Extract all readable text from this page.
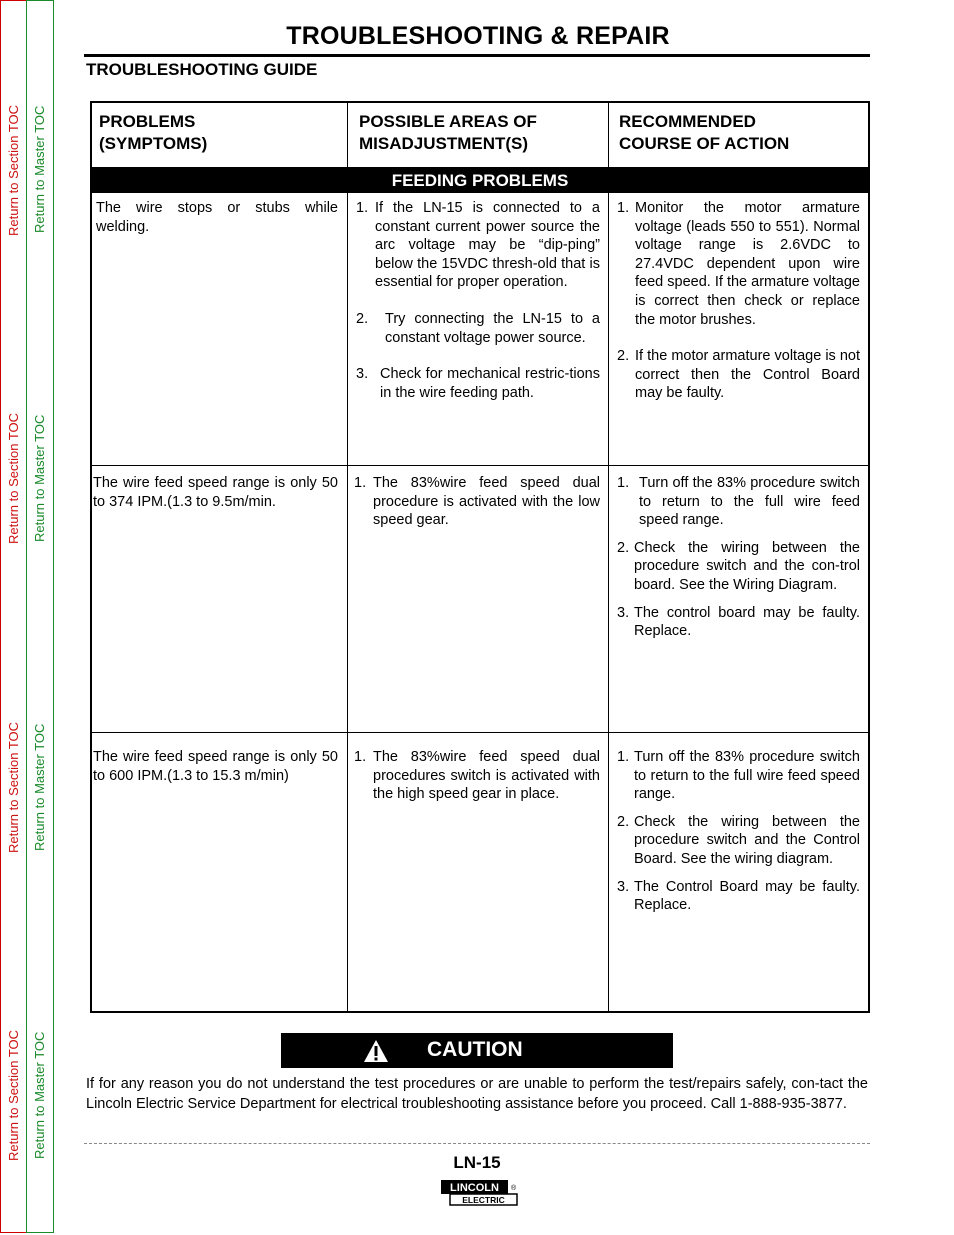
Return to Section TOC Return to Master TOC
Return to Section TOC Return to Master TOC
Return to Section TOC Return to Master TOC
Return to Section TOC Return to Master TOC
TROUBLESHOOTING & REPAIR
TROUBLESHOOTING GUIDE
PROBLEMS
(SYMPTOMS)
POSSIBLE AREAS OF
MISADJUSTMENT(S)
RECOMMENDED
COURSE OF ACTION
FEEDING PROBLEMS

The wire stops or stubs while welding.

1. If the LN-15 is connected to a constant current power source the arc voltage may be “dip-ping” below the 15VDC thresh-old that is essential for proper operation.
2.	Try connecting the LN-15 to a constant voltage power source.
3. Check for mechanical restric-tions in the wire feeding path.
1. Monitor the motor armature voltage (leads 550 to 551). Normal voltage range is 2.6VDC to 27.4VDC dependent upon wire feed speed. If the armature voltage is correct then check or replace the motor brushes.
2. If the motor armature voltage is not correct then the Control Board may be faulty.

The wire feed speed range is only 50 to 374 IPM.(1.3 to 9.5m/min.

1. The 83%wire feed speed dual procedure is activated with the low speed gear.
1. Turn off the 83% procedure switch to return to the full wire feed speed range.
2. Check the wiring between the procedure switch and the con-trol board. See the Wiring Diagram.
3. The control board may be faulty. Replace.

The wire feed speed range is only 50 to 600 IPM.(1.3 to 15.3 m/min)

1. The 83%wire feed speed dual procedures switch is activated with the high speed gear in place.
1. Turn off the 83% procedure switch to return to the full wire feed speed range.
2. Check the wiring between the procedure switch and the Control Board. See the wiring diagram.
3. The Control Board may be faulty. Replace.
CAUTION
If for any reason you do not understand the test procedures or are unable to perform the test/repairs safely, con-tact the Lincoln Electric Service Department for electrical troubleshooting assistance before you proceed. Call 1-888-935-3877.
LN-15
LINCOLN
ELECTRIC
®
